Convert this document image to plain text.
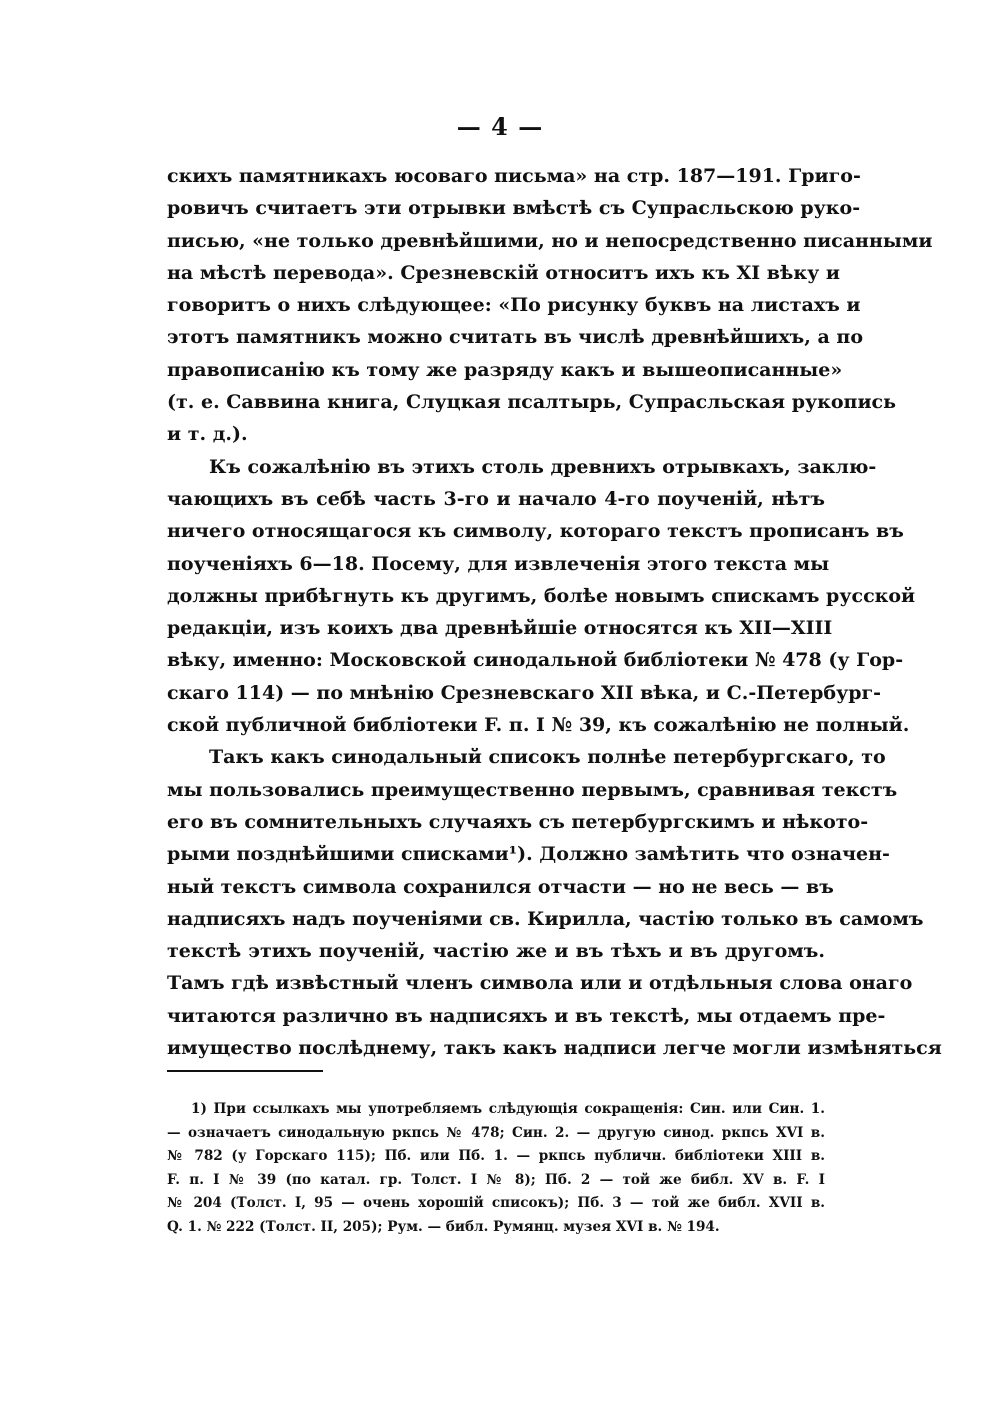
— 4 —
скихъ памятникахъ юсоваго письма» на стр. 187—191. Григо-
ровичъ считаетъ эти отрывки вмѣстѣ съ Супрасльскою руко-
писью, «не только древнѣйшими, но и непосредственно писанными
на мѣстѣ перевода». Срезневскій относитъ ихъ къ XI вѣку и
говоритъ о нихъ слѣдующее: «По рисунку буквъ на листахъ и
этотъ памятникъ можно считать въ числѣ древнѣйшихъ, а по
правописанію къ тому же разряду какъ и вышеописанные»
(т. е. Саввина книга, Слуцкая псалтырь, Супрасльская рукопись
и т. д.).
Къ сожалѣнію въ этихъ столь древнихъ отрывкахъ, заклю-
чающихъ въ себѣ часть 3-го и начало 4-го поученій, нѣтъ
ничего относящагося къ символу, котораго текстъ прописанъ въ
поученіяхъ 6—18. Посему, для извлеченія этого текста мы
должны прибѣгнуть къ другимъ, болѣе новымъ спискамъ русской
редакціи, изъ коихъ два древнѣйшіе относятся къ XII—XIII
вѣку, именно: Московской синодальной библіотеки № 478 (у Гор-
скаго 114) — по мнѣнію Срезневскаго XII вѣка, и С.-Петербург-
ской публичной библіотеки F. п. I № 39, къ сожалѣнію не полный.
Такъ какъ синодальный списокъ полнѣе петербургскаго, то
мы пользовались преимущественно первымъ, сравнивая текстъ
его въ сомнительныхъ случаяхъ съ петербургскимъ и нѣкото-
рыми позднѣйшими списками¹). Должно замѣтить что означен-
ный текстъ символа сохранился отчасти — но не весь — въ
надписяхъ надъ поученіями св. Кирилла, частію только въ самомъ
текстѣ этихъ поученій, частію же и въ тѣхъ и въ другомъ.
Тамъ гдѣ извѣстный членъ символа или и отдѣльныя слова онаго
читаются различно въ надписяхъ и въ текстѣ, мы отдаемъ пре-
имущество послѣднему, такъ какъ надписи легче могли измѣняться
1) При ссылкахъ мы употребляемъ слѣдующія сокращенія: Син. или Син. 1.
— означаетъ синодальную ркпсь № 478; Син. 2. — другую синод. ркпсь XVI в.
№ 782 (у Горскаго 115); Пб. или Пб. 1. — ркпсь публичн. библіотеки XIII в.
F. п. I № 39 (по катал. гр. Толст. I № 8); Пб. 2 — той же библ. XV в. F. I
№ 204 (Толст. I, 95 — очень хорошій списокъ); Пб. 3 — той же библ. XVII в.
Q. 1. № 222 (Толст. II, 205); Рум. — библ. Румянц. музея XVI в. № 194.
